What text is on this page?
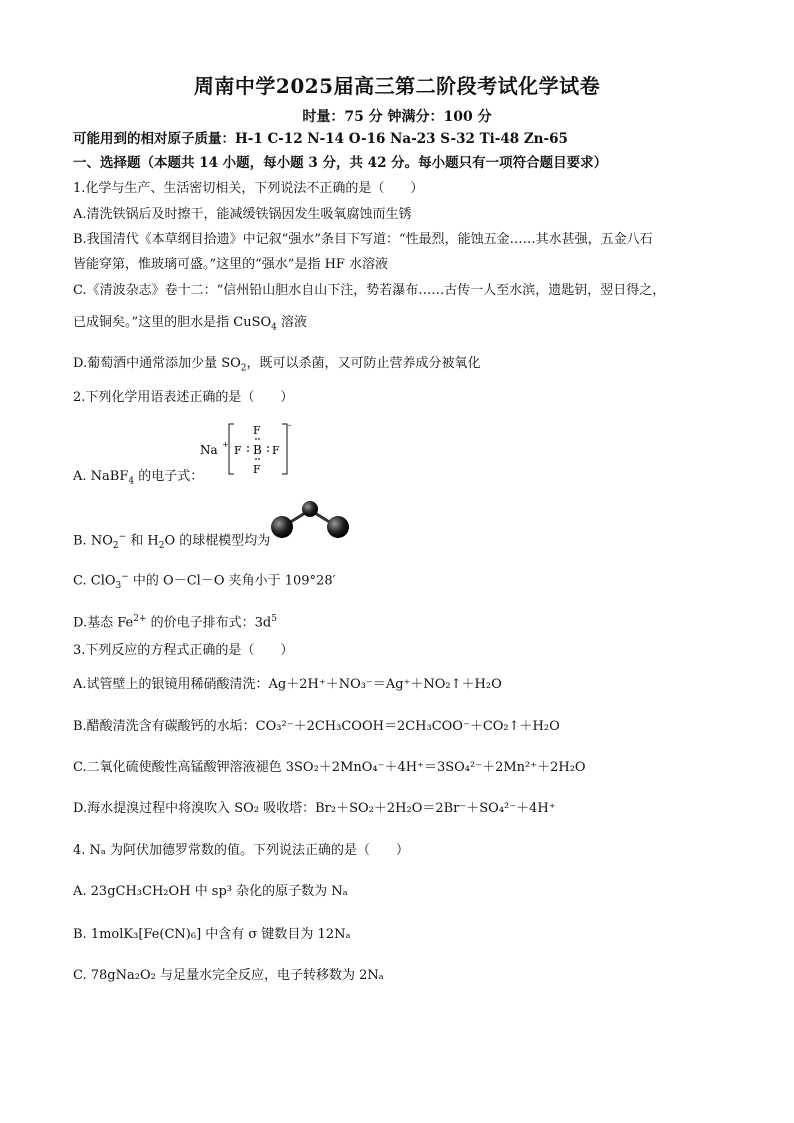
周南中学2025届高三第二阶段考试化学试卷
时量：75 分 钟满分：100 分
可能用到的相对原子质量：H-1 C-12 N-14 O-16 Na-23 S-32 Ti-48 Zn-65
一、选择题（本题共 14 小题，每小题 3 分，共 42 分。每小题只有一项符合题目要求）
1.化学与生产、生活密切相关，下列说法不正确的是（　　）
A.清洗铁锅后及时擦干，能减缓铁锅因发生吸氧腐蚀而生锈
B.我国清代《本草纲目拾遗》中记叙“强水”条目下写道：“性最烈，能蚀五金……其水甚强，五金八石
皆能穿第，惟玻璃可盛。”这里的“强水”是指 HF 水溶液
C.《清波杂志》卷十二：“信州铅山胆水自山下注，势若瀑布……古传一人至水滨，遗匙钥，翌日得之，
已成铜矣。”这里的胆水是指 CuSO$_4$ 溶液
D.葡萄酒中通常添加少量 $SO_2$，既可以杀菌，又可防止营养成分被氧化
2.下列化学用语表述正确的是（　　）
Na +
-
F
F B F
F
A. NaBF$_4$ 的电子式：
B. $NO_2^-$ 和 $H_2O$ 的球棍模型均为
C. ClO$_3$− 中的 O－Cl－O 夹角小于 109°28′
D.基态 $Fe^{2+}$ 的价电子排布式：$3d^5$
3.下列反应的方程式正确的是（　　）
A.试管壁上的银镜用稀硝酸清洗：Ag＋2H⁺＋NO₃⁻＝Ag⁺＋NO₂↑＋H₂O
B.醋酸清洗含有碳酸钙的水垢：CO₃²⁻＋2CH₃COOH＝2CH₃COO⁻＋CO₂↑＋H₂O
C.二氧化硫使酸性高锰酸钾溶液褪色 3SO₂＋2MnO₄⁻＋4H⁺＝3SO₄²⁻＋2Mn²⁺＋2H₂O
D.海水提溴过程中将溴吹入 SO₂ 吸收塔：Br₂＋SO₂＋2H₂O＝2Br⁻＋SO₄²⁻＋4H⁺
4. Nₐ 为阿伏加德罗常数的值。下列说法正确的是（　　）
A. 23gCH₃CH₂OH 中 sp³ 杂化的原子数为 Nₐ
B. 1molK₃[Fe(CN)₆] 中含有 σ 键数目为 12Nₐ
C. 78gNa₂O₂ 与足量水完全反应，电子转移数为 2Nₐ
